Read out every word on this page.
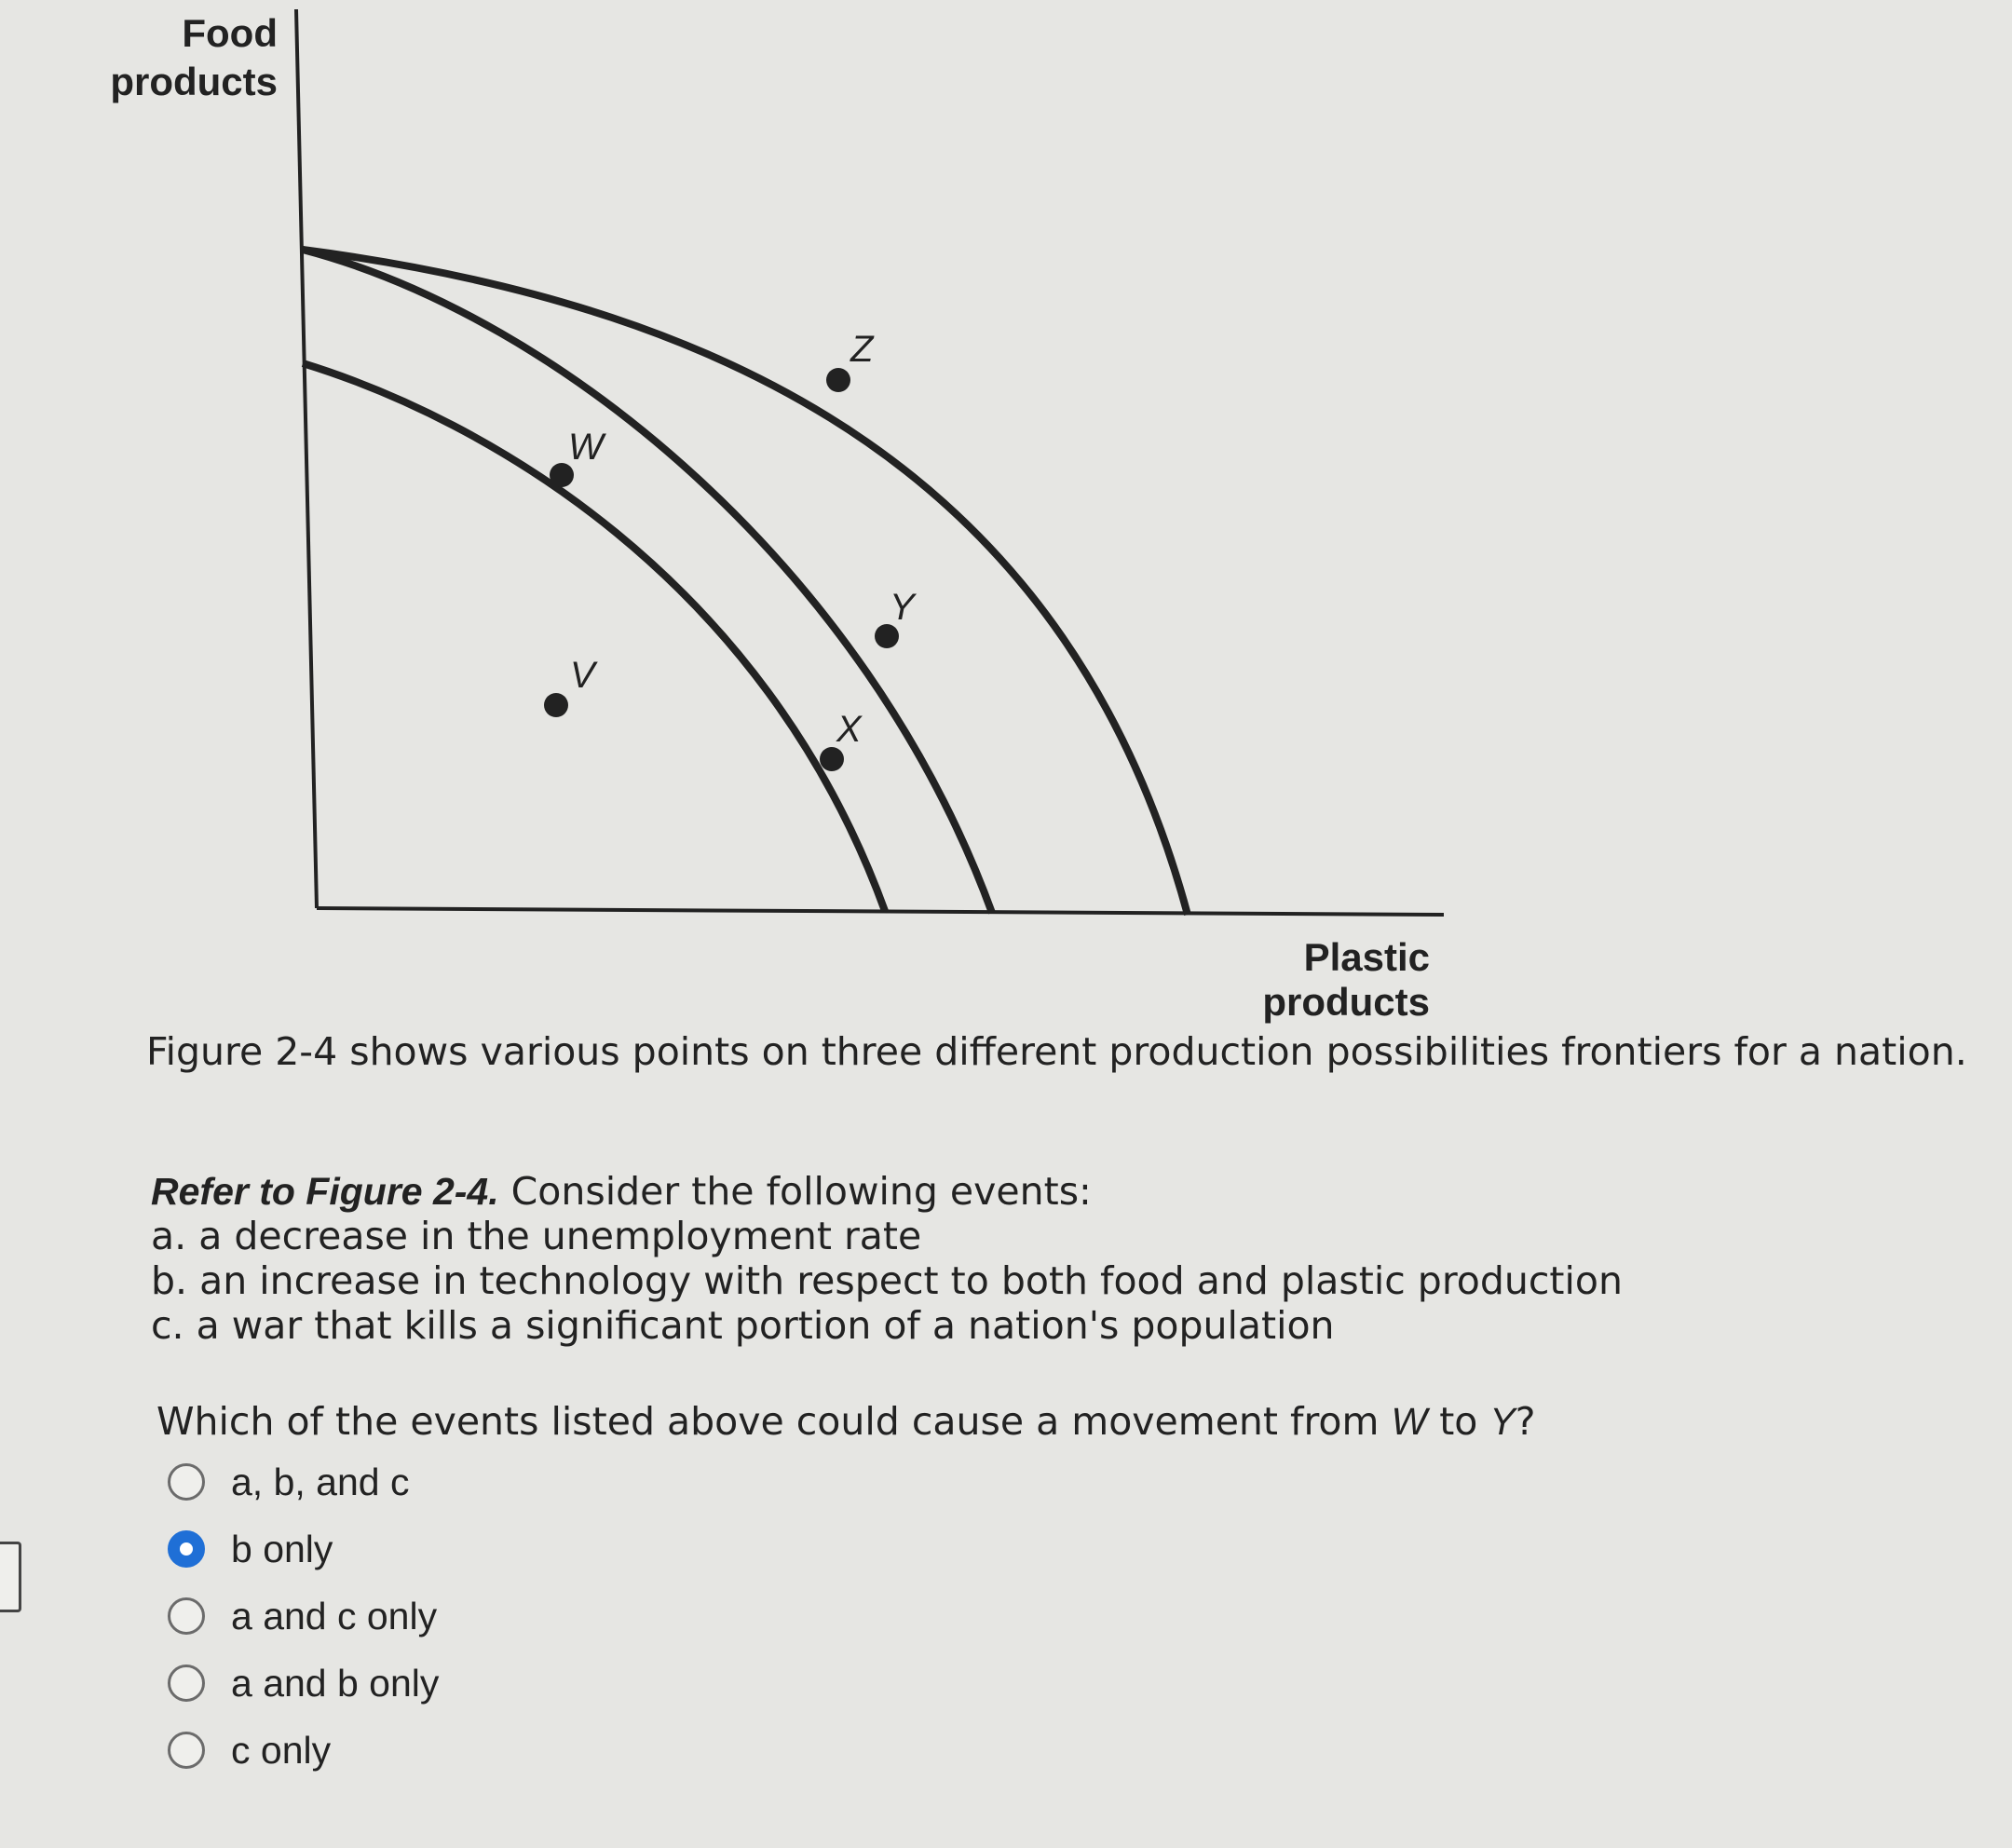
Food
products
Plastic
products
W
X
Y
Z
V
Figure 2-4 shows various points on three different production possibilities frontiers for a nation.
Refer to Figure 2-4. Consider the following events:
a. a decrease in the unemployment rate
b. an increase in technology with respect to both food and plastic production
c. a war that kills a significant portion of a nation's population
Which of the events listed above could cause a movement from W to Y?
a, b, and c
b only
a and c only
a and b only
c only
